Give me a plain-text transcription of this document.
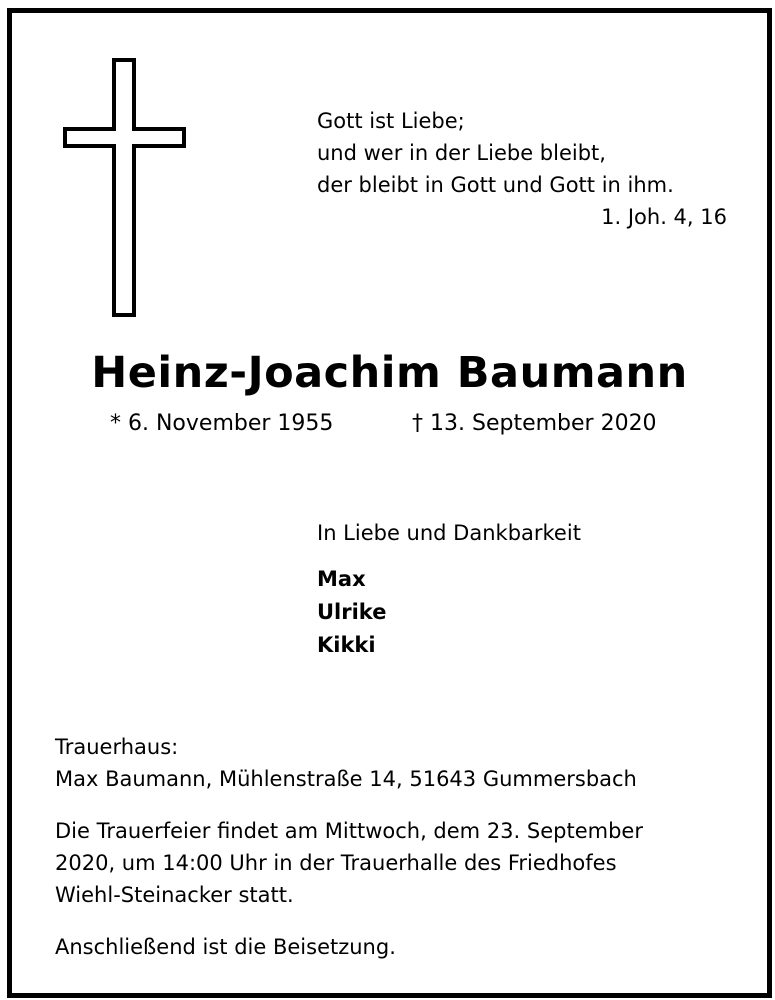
Gott ist Liebe;
und wer in der Liebe bleibt,
der bleibt in Gott und Gott in ihm.
1. Joh. 4, 16
Heinz-Joachim Baumann
* 6. November 1955	† 13. September 2020
In Liebe und Dankbarkeit
Max
Ulrike
Kikki
Trauerhaus:
Max Baumann, Mühlenstraße 14, 51643 Gummersbach
Die Trauerfeier findet am Mittwoch, dem 23. September
2020, um 14:00 Uhr in der Trauerhalle des Friedhofes
Wiehl-Steinacker statt.
Anschließend ist die Beisetzung.
